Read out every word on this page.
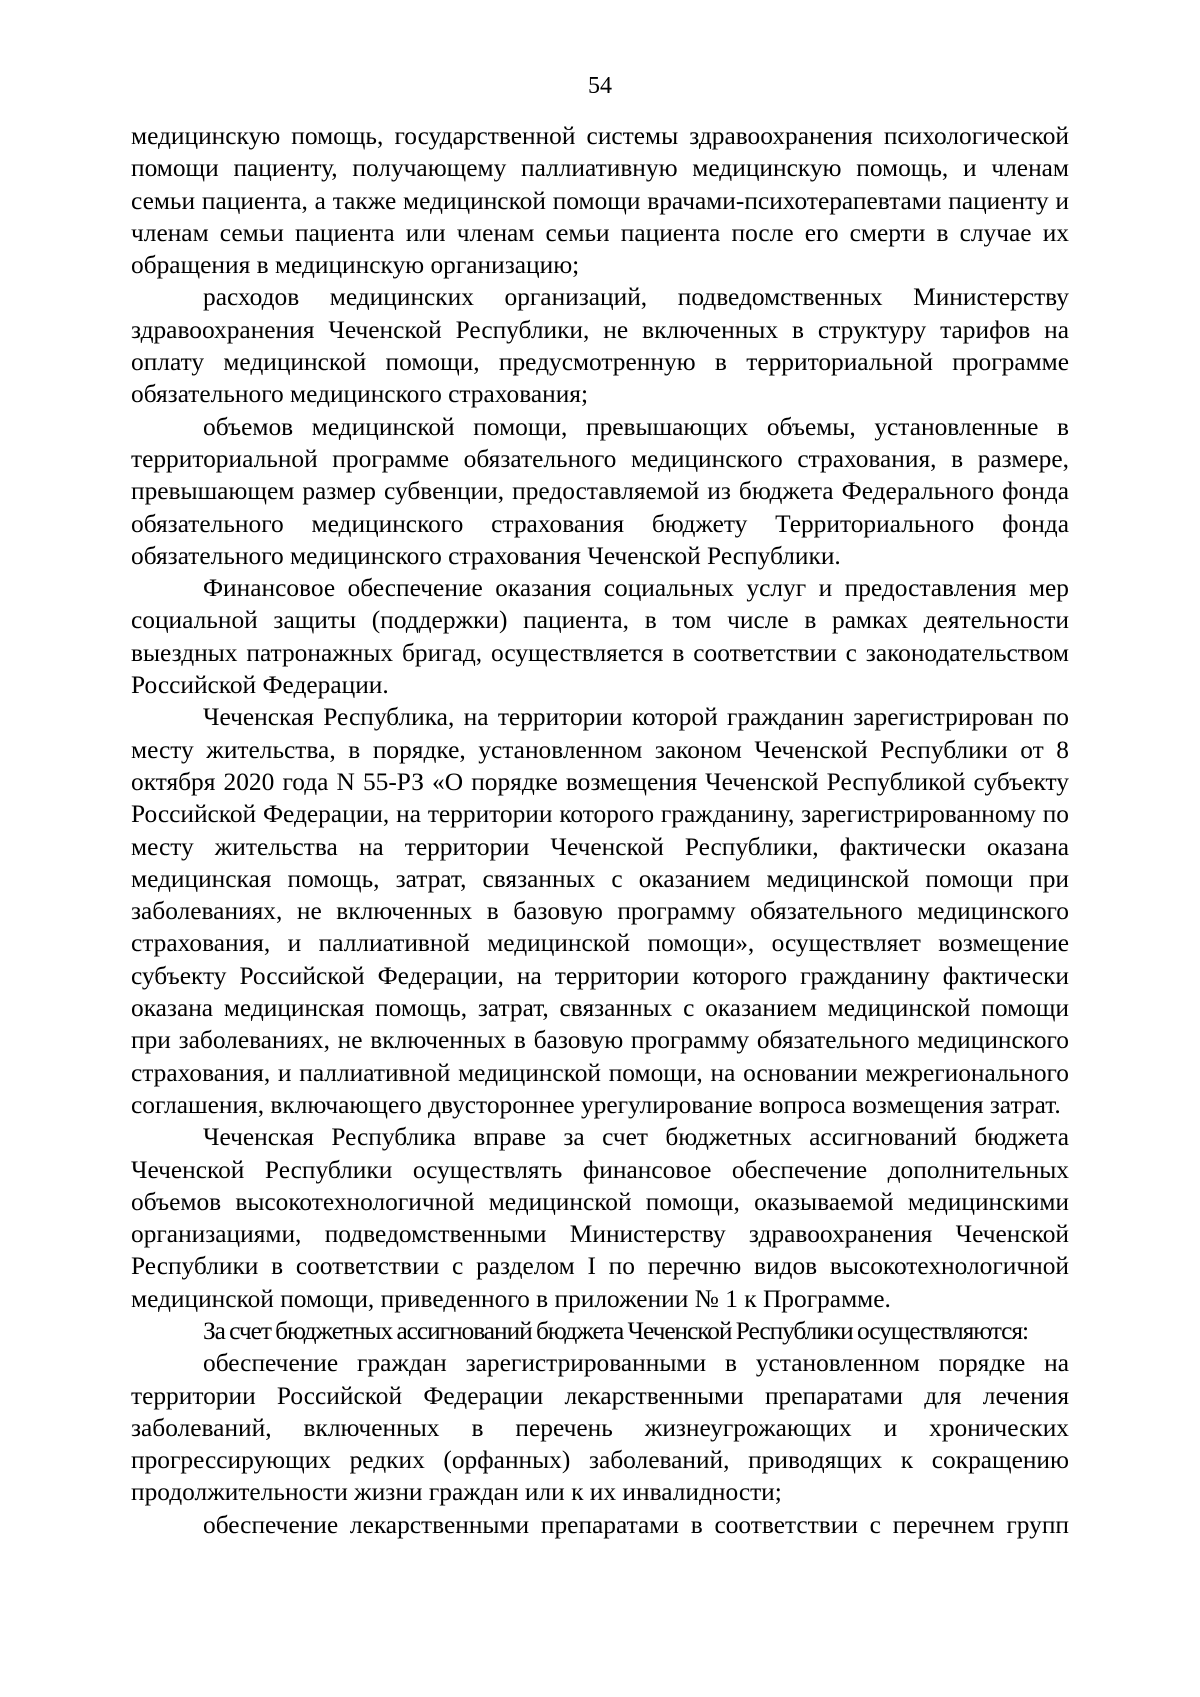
54

медицинскую помощь, государственной системы здравоохранения психологической помощи пациенту, получающему паллиативную медицинскую помощь, и членам семьи пациента, а также медицинской помощи врачами-психотерапевтами пациенту и членам семьи пациента или членам семьи пациента после его смерти в случае их обращения в медицинскую организацию;

расходов медицинских организаций, подведомственных Министерству здравоохранения Чеченской Республики, не включенных в структуру тарифов на оплату медицинской помощи, предусмотренную в территориальной программе обязательного медицинского страхования;

объемов медицинской помощи, превышающих объемы, установленные в территориальной программе обязательного медицинского страхования, в размере, превышающем размер субвенции, предоставляемой из бюджета Федерального фонда обязательного медицинского страхования бюджету Территориального фонда обязательного медицинского страхования Чеченской Республики.

Финансовое обеспечение оказания социальных услуг и предоставления мер социальной защиты (поддержки) пациента, в том числе в рамках деятельности выездных патронажных бригад, осуществляется в соответствии с законодательством Российской Федерации.

Чеченская Республика, на территории которой гражданин зарегистрирован по месту жительства, в порядке, установленном законом Чеченской Республики от 8 октября 2020 года N 55-РЗ «О порядке возмещения Чеченской Республикой субъекту Российской Федерации, на территории которого гражданину, зарегистрированному по месту жительства на территории Чеченской Республики, фактически оказана медицинская помощь, затрат, связанных с оказанием медицинской помощи при заболеваниях, не включенных в базовую программу обязательного медицинского страхования, и паллиативной медицинской помощи», осуществляет возмещение субъекту Российской Федерации, на территории которого гражданину фактически оказана медицинская помощь, затрат, связанных с оказанием медицинской помощи при заболеваниях, не включенных в базовую программу обязательного медицинского страхования, и паллиативной медицинской помощи, на основании межрегионального соглашения, включающего двустороннее урегулирование вопроса возмещения затрат.

Чеченская Республика вправе за счет бюджетных ассигнований бюджета Чеченской Республики осуществлять финансовое обеспечение дополнительных объемов высокотехнологичной медицинской помощи, оказываемой медицинскими организациями, подведомственными Министерству здравоохранения Чеченской Республики в соответствии с разделом I по перечню видов высокотехнологичной медицинской помощи, приведенного в приложении № 1 к Программе.

За счет бюджетных ассигнований бюджета Чеченской Республики осуществляются:

обеспечение граждан зарегистрированными в установленном порядке на территории Российской Федерации лекарственными препаратами для лечения заболеваний, включенных в перечень жизнеугрожающих и хронических прогрессирующих редких (орфанных) заболеваний, приводящих к сокращению продолжительности жизни граждан или к их инвалидности;

обеспечение лекарственными препаратами в соответствии с перечнем групп
